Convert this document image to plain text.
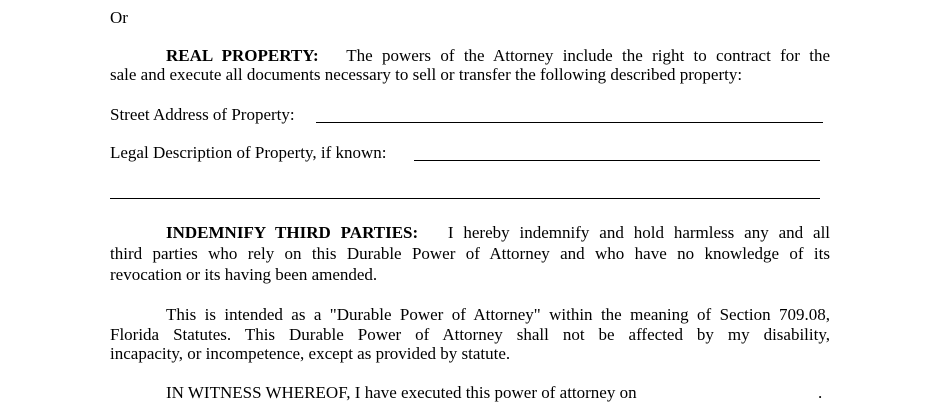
Or
REAL PROPERTY: The powers of the Attorney include the right to contract for the
sale and execute all documents necessary to sell or transfer the following described property:
Street Address of Property:
Legal Description of Property, if known:
INDEMNIFY THIRD PARTIES: I hereby indemnify and hold harmless any and all
third parties who rely on this Durable Power of Attorney and who have no knowledge of its
revocation or its having been amended.
This is intended as a "Durable Power of Attorney" within the meaning of Section 709.08,
Florida Statutes. This Durable Power of Attorney shall not be affected by my disability,
incapacity, or incompetence, except as provided by statute.
IN WITNESS WHEREOF, I have executed this power of attorney on	.
